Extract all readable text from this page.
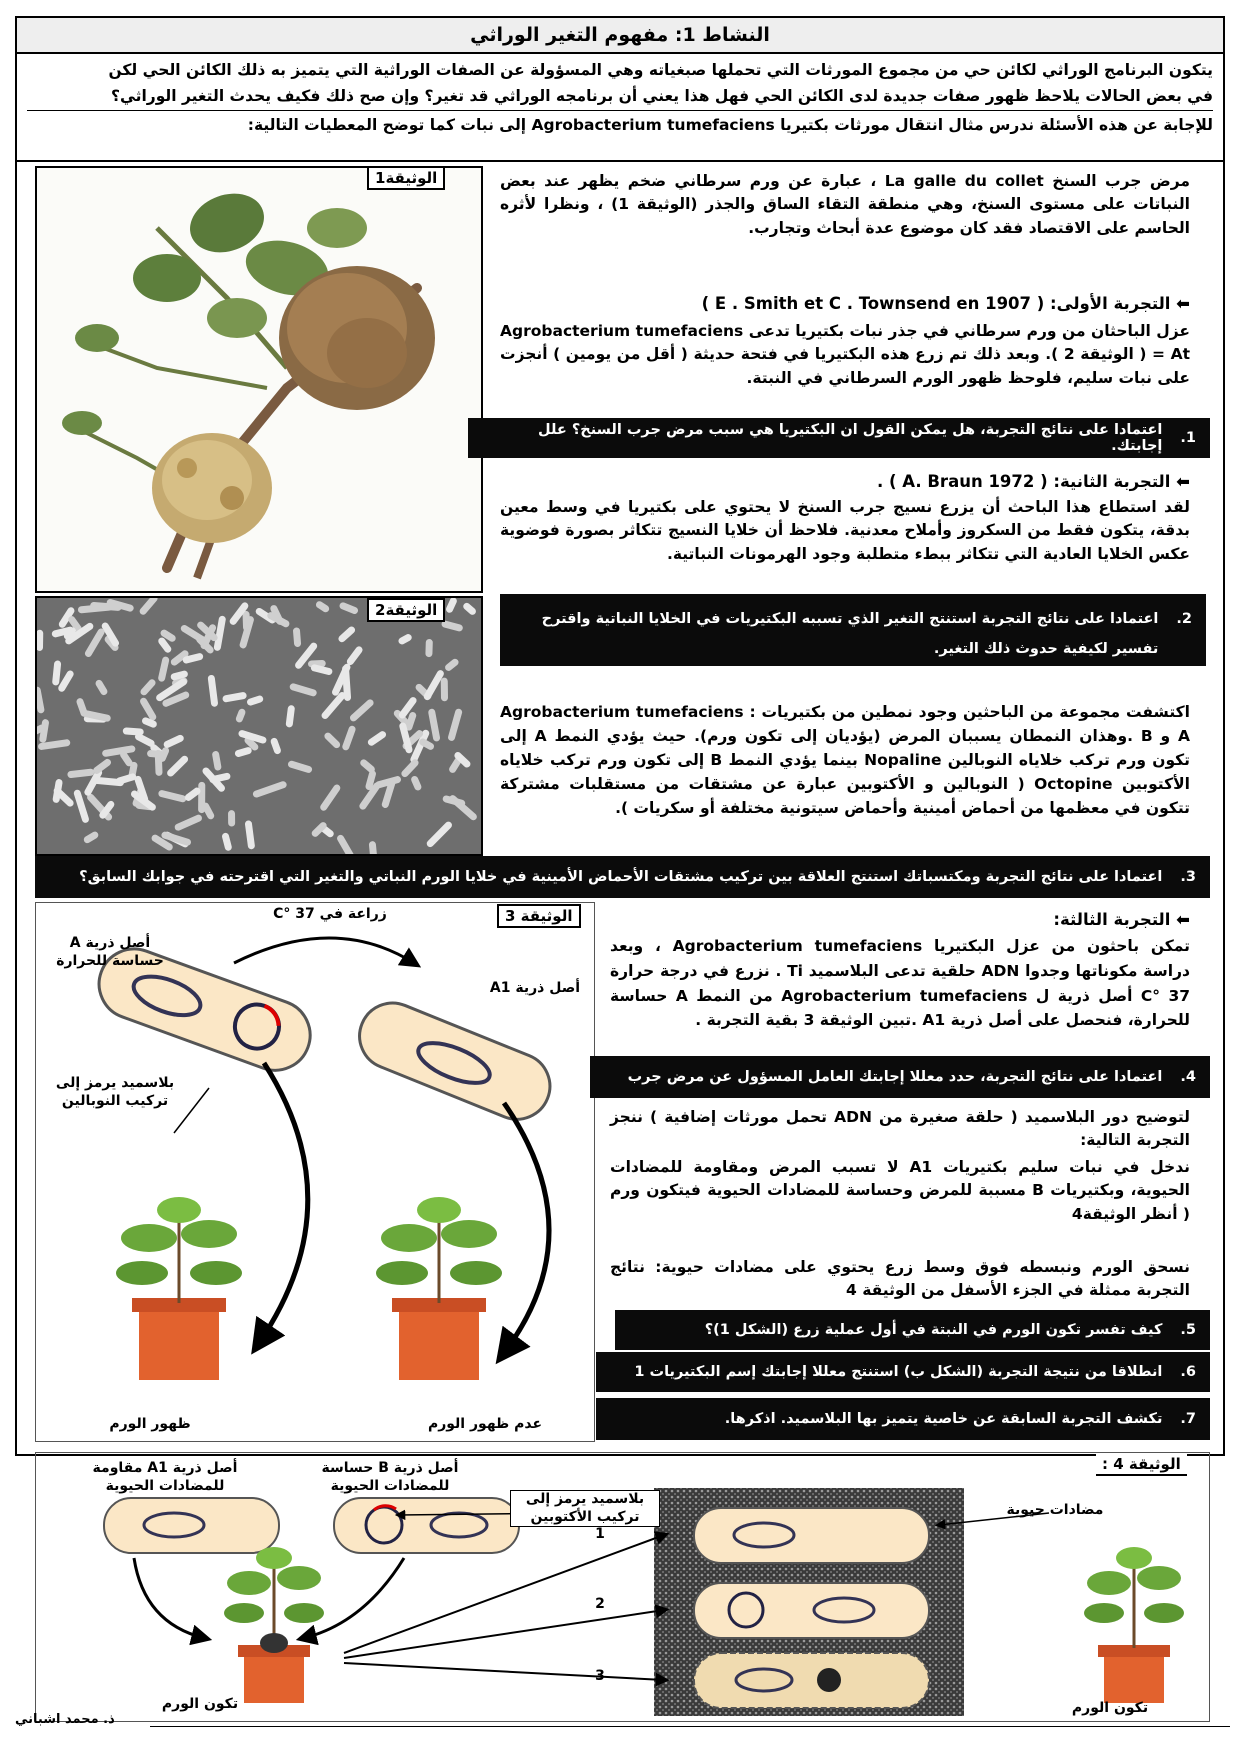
النشاط 1: مفهوم التغير الوراثي

يتكون البرنامج الوراثي لكائن حي من مجموع المورثات التي تحملها صبغياته وهي المسؤولة عن الصفات الوراثية التي يتميز به ذلك الكائن الحي لكن

في بعض الحالات يلاحظ ظهور صفات جديدة لدى الكائن الحي فهل هذا يعني أن برنامجه الوراثي قد تغير؟ وإن صح ذلك فكيف يحدث التغير الوراثي؟

للإجابة عن هذه الأسئلة ندرس مثال انتقال مورثات بكتيريا Agrobacterium tumefaciens إلى نبات كما توضح المعطيات التالية:

الوثيقة1
الوثيقة2
مرض جرب السنخ La galle du collet ، عبارة عن ورم سرطاني ضخم يظهر عند بعض النباتات على مستوى السنخ، وهي منطقة التقاء الساق والجذر (الوثيقة 1) ، ونظرا لأثره الحاسم على الاقتصاد فقد كان موضوع عدة أبحاث وتجارب.
⬅ التجربة الأولى: ( E . Smith et C . Townsend en 1907 )
عزل الباحثان من ورم سرطاني في جذر نبات بكتيريا تدعى Agrobacterium tumefaciens = At ( الوثيقة 2 ). وبعد ذلك تم زرع هذه البكتيريا في فتحة حديثة ( أقل من يومين ) أنجزت على نبات سليم، فلوحظ ظهور الورم السرطاني في النبتة.
1.
اعتمادا على نتائج التجربة، هل يمكن القول ان البكتيريا هي سبب مرض جرب السنخ؟ علل إجابتك.
⬅ التجربة الثانية: ( A. Braun 1972 ) .
لقد استطاع هذا الباحث أن يزرع نسيج جرب السنخ لا يحتوي على بكتيريا في وسط معين بدقة، يتكون فقط من السكروز وأملاح معدنية. فلاحظ أن خلايا النسيج تتكاثر بصورة فوضوية عكس الخلايا العادية التي تتكاثر ببطء متطلبة وجود الهرمونات النباتية.
2.
اعتمادا على نتائج التجربة استنتج التغير الذي تسببه البكتيريات في الخلايا النباتية واقترح تفسير لكيفية حدوث ذلك التغير.
اكتشفت مجموعة من الباحثين وجود نمطين من بكتيريات Agrobacterium tumefaciens : A و B .وهذان النمطان يسببان المرض (يؤديان إلى تكون ورم). حيث يؤدي النمط A إلى تكون ورم تركب خلاياه النوبالين Nopaline بينما يؤدي النمط B إلى تكون ورم تركب خلاياه الأكتوبين Octopine ( النوبالين و الأكتوبين عبارة عن مشتقات من مستقلبات مشتركة تتكون في معظمها من أحماض أمينية وأحماض سيتونية مختلفة أو سكريات ).
3.
اعتمادا على نتائج التجربة ومكتسباتك استنتج العلاقة بين تركيب مشتقات الأحماض الأمينية في خلايا الورم النباتي والتغير التي اقترحته في جوابك السابق؟
الوثيقة 3
أصل ذرية A حساسة للحرارة
زراعة في 37 °C
أصل ذرية A1
بلاسميد يرمز إلى تركيب النوبالين
ظهور الورم	عدم ظهور الورم
⬅ التجربة الثالثة:
تمكن باحثون من عزل البكتيريا Agrobacterium tumefaciens ، وبعد دراسة مكوناتها وجدوا ADN حلقية تدعى البلاسميد Ti . نزرع في درجة حرارة 37 °C أصل ذرية ل Agrobacterium tumefaciens من النمط A حساسة للحرارة، فنحصل على أصل ذرية A1 .تبين الوثيقة 3 بقية التجربة .
4.
اعتمادا على نتائج التجربة، حدد معللا إجابتك العامل المسؤول عن مرض جرب
لتوضيح دور البلاسميد ( حلقة صغيرة من ADN تحمل مورثات إضافية ) ننجز التجربة التالية:
ندخل في نبات سليم بكتيريات A1 لا تسبب المرض ومقاومة للمضادات الحيوية، وبكتيريات B مسببة للمرض وحساسة للمضادات الحيوية فيتكون ورم ( أنظر الوثيقة4
نسحق الورم ونبسطه فوق وسط زرع يحتوي على مضادات حيوية: نتائج التجربة ممثلة في الجزء الأسفل من الوثيقة 4
5.
كيف تفسر تكون الورم في النبتة في أول عملية زرع (الشكل 1)؟
6.
انطلاقا من نتيجة التجربة (الشكل ب) استنتج معللا إجابتك إسم البكتيريات 1
7.
تكشف التجربة السابقة عن خاصية يتميز بها البلاسميد. اذكرها.
الوثيقة 4 :
أصل ذرية A1 مقاومة للمضادات الحيوية
أصل ذرية B حساسة للمضادات الحيوية
بلاسميد يرمز إلى تركيب الأكتوبين	مضادات حيوية
1
2
3
تكون الورم	تكون الورم
ذ. محمد اشباني
